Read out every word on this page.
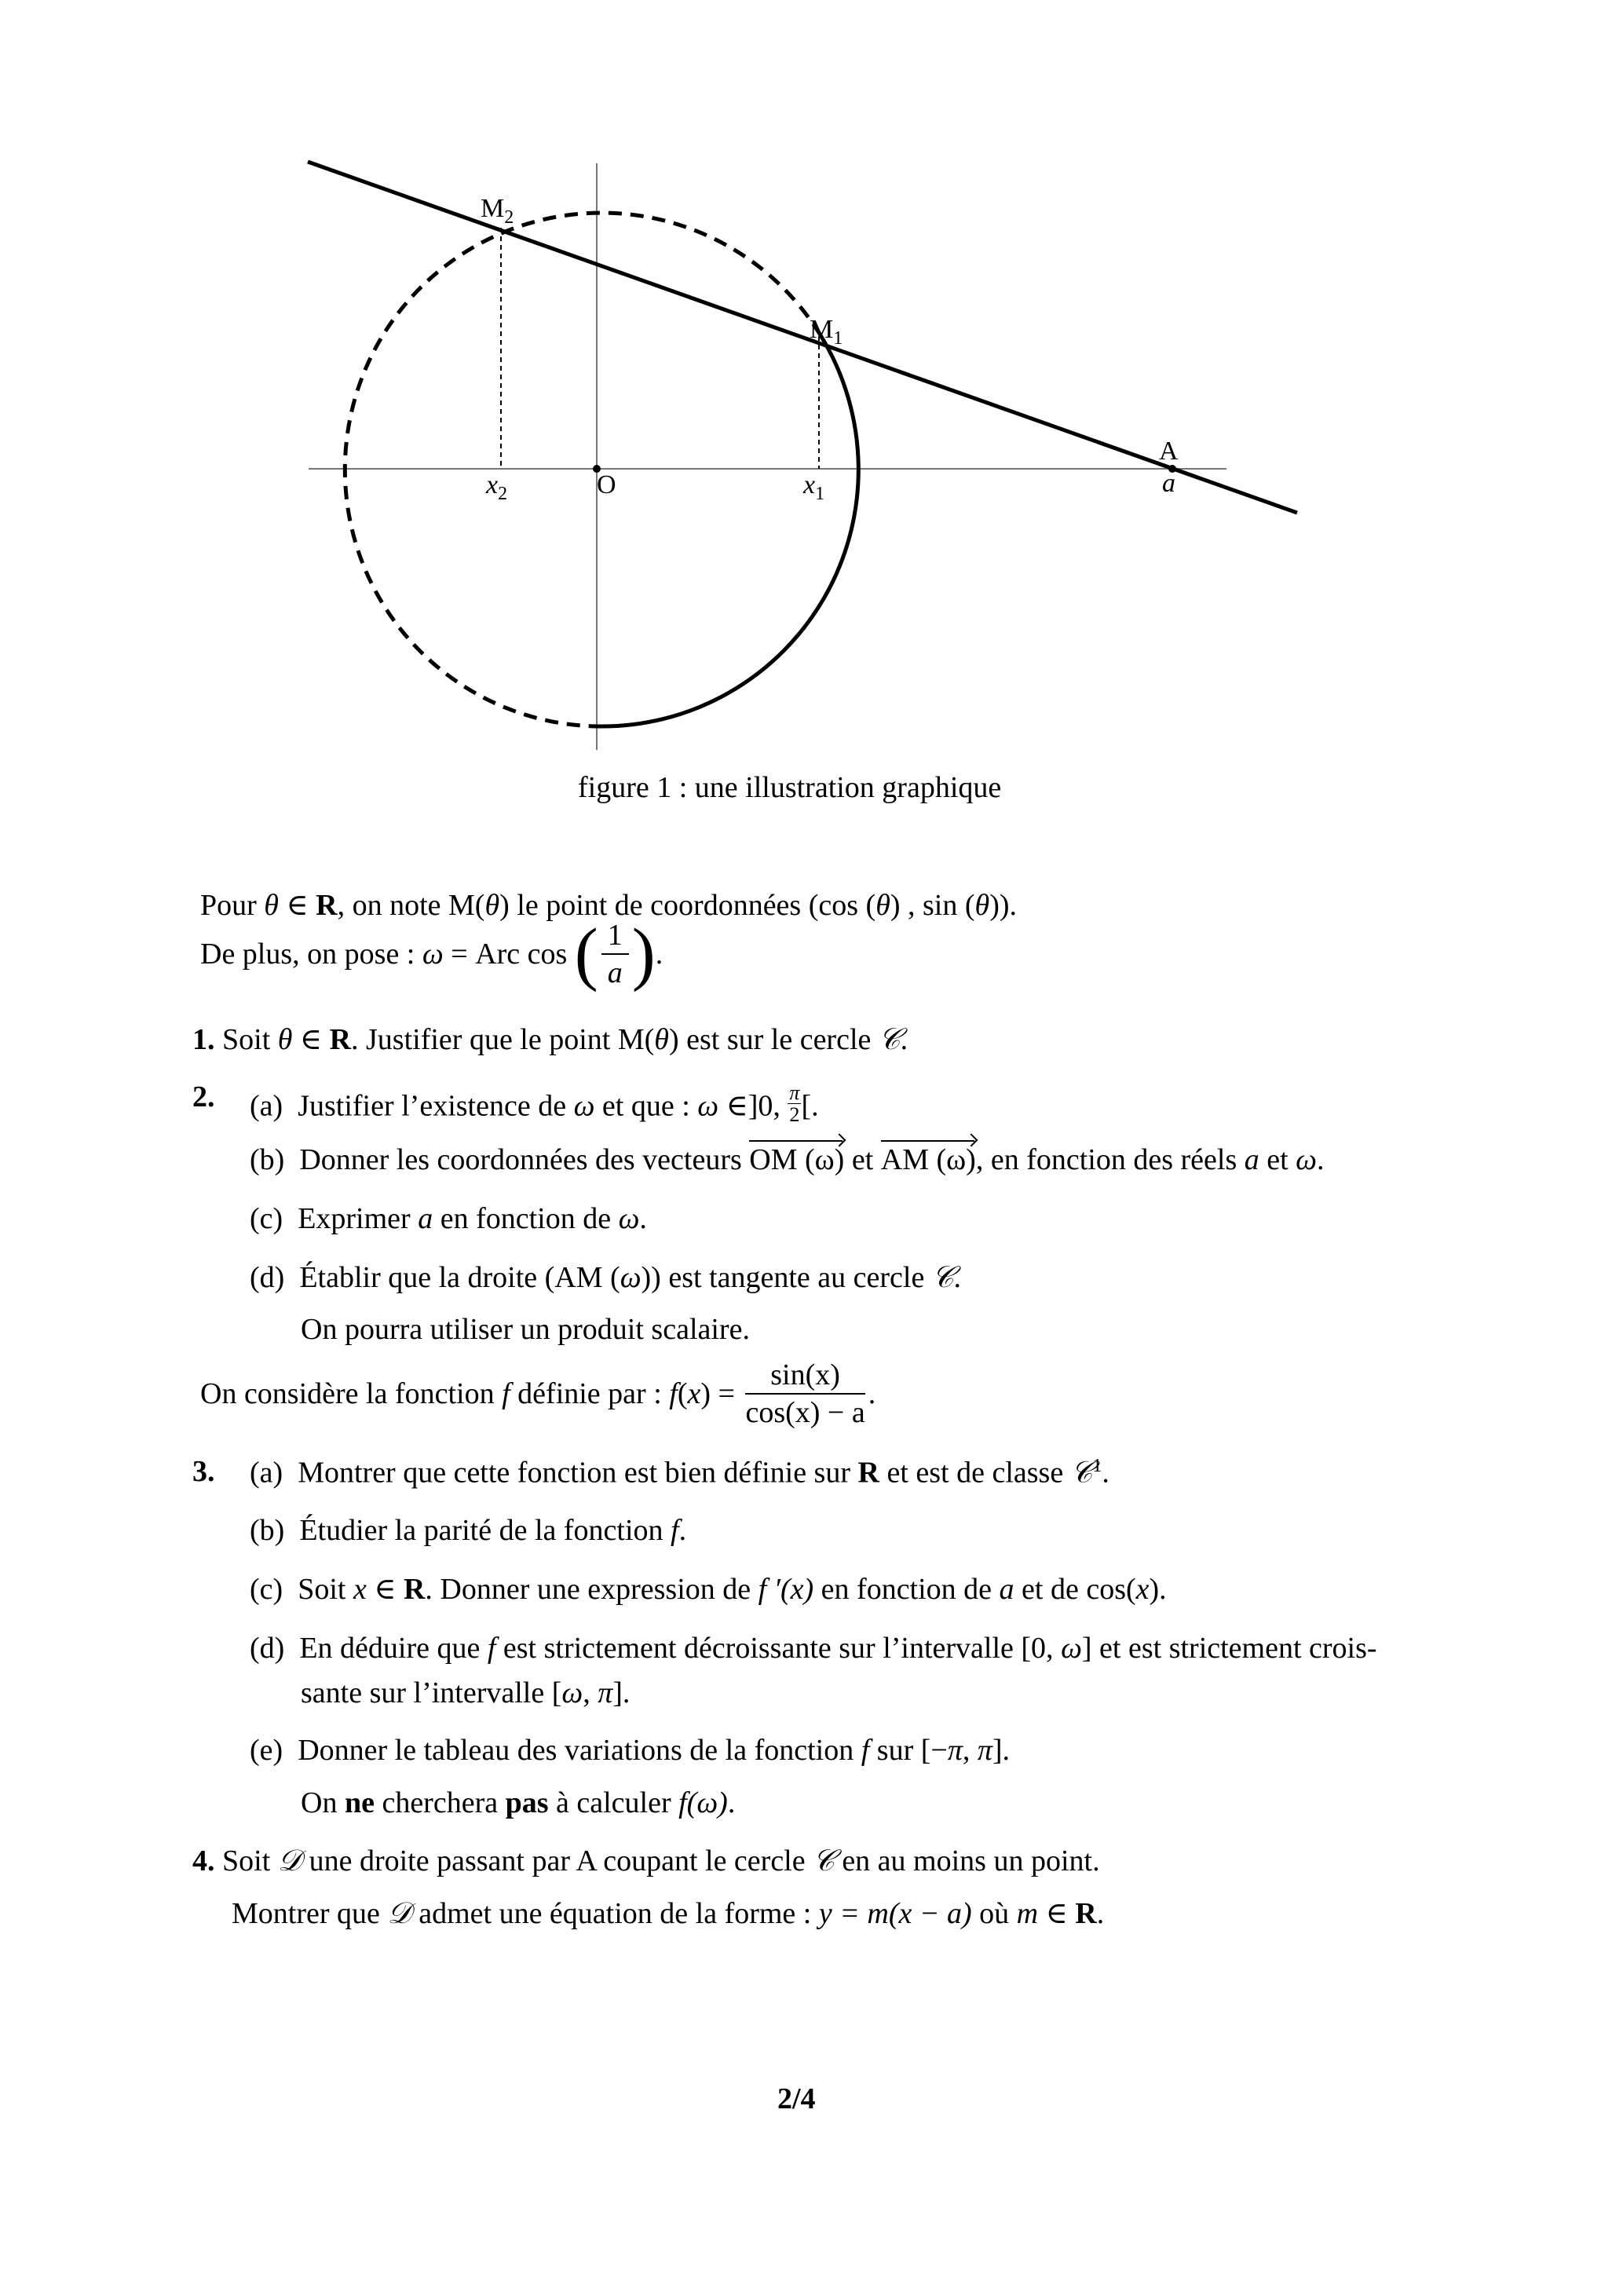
$M_2$
$M_1$
A
O
$x_2$	$x_1$	a
figure 1 : une illustration graphique
Pour θ ∈ R, on note M(θ) le point de coordonnées (cos (θ) , sin (θ)).
De plus, on pose : ω = Arc cos ( $\frac{1}{a}$ ).
1. Soit θ ∈ R. Justifier que le point M(θ) est sur le cercle 𝒞.
2. (a) Justifier l’existence de ω et que : ω ∈]0, $\frac{\pi}{2}$ [.
(b) Donner les coordonnées des vecteurs OM (ω) et AM (ω), en fonction des réels a et ω.
(c) Exprimer a en fonction de ω.
(d) Établir que la droite (AM (ω)) est tangente au cercle 𝒞.
On pourra utiliser un produit scalaire.
On considère la fonction f définie par : $f(x) = \frac{\sin(x)}{\cos(x) - a}$ .
3. (a) Montrer que cette fonction est bien définie sur R et est de classe 𝒞$^1$.
(b) Étudier la parité de la fonction f.
(c) Soit x ∈ R. Donner une expression de f ′(x) en fonction de a et de cos(x).
(d) En déduire que f est strictement décroissante sur l’intervalle [0, ω] et est strictement crois-
sante sur l’intervalle [ω, π].
(e) Donner le tableau des variations de la fonction f sur [−π, π].
On ne cherchera pas à calculer f(ω).
4. Soit 𝒟 une droite passant par A coupant le cercle 𝒞 en au moins un point.
Montrer que 𝒟 admet une équation de la forme : y = m(x − a) où m ∈ R.
2/4
